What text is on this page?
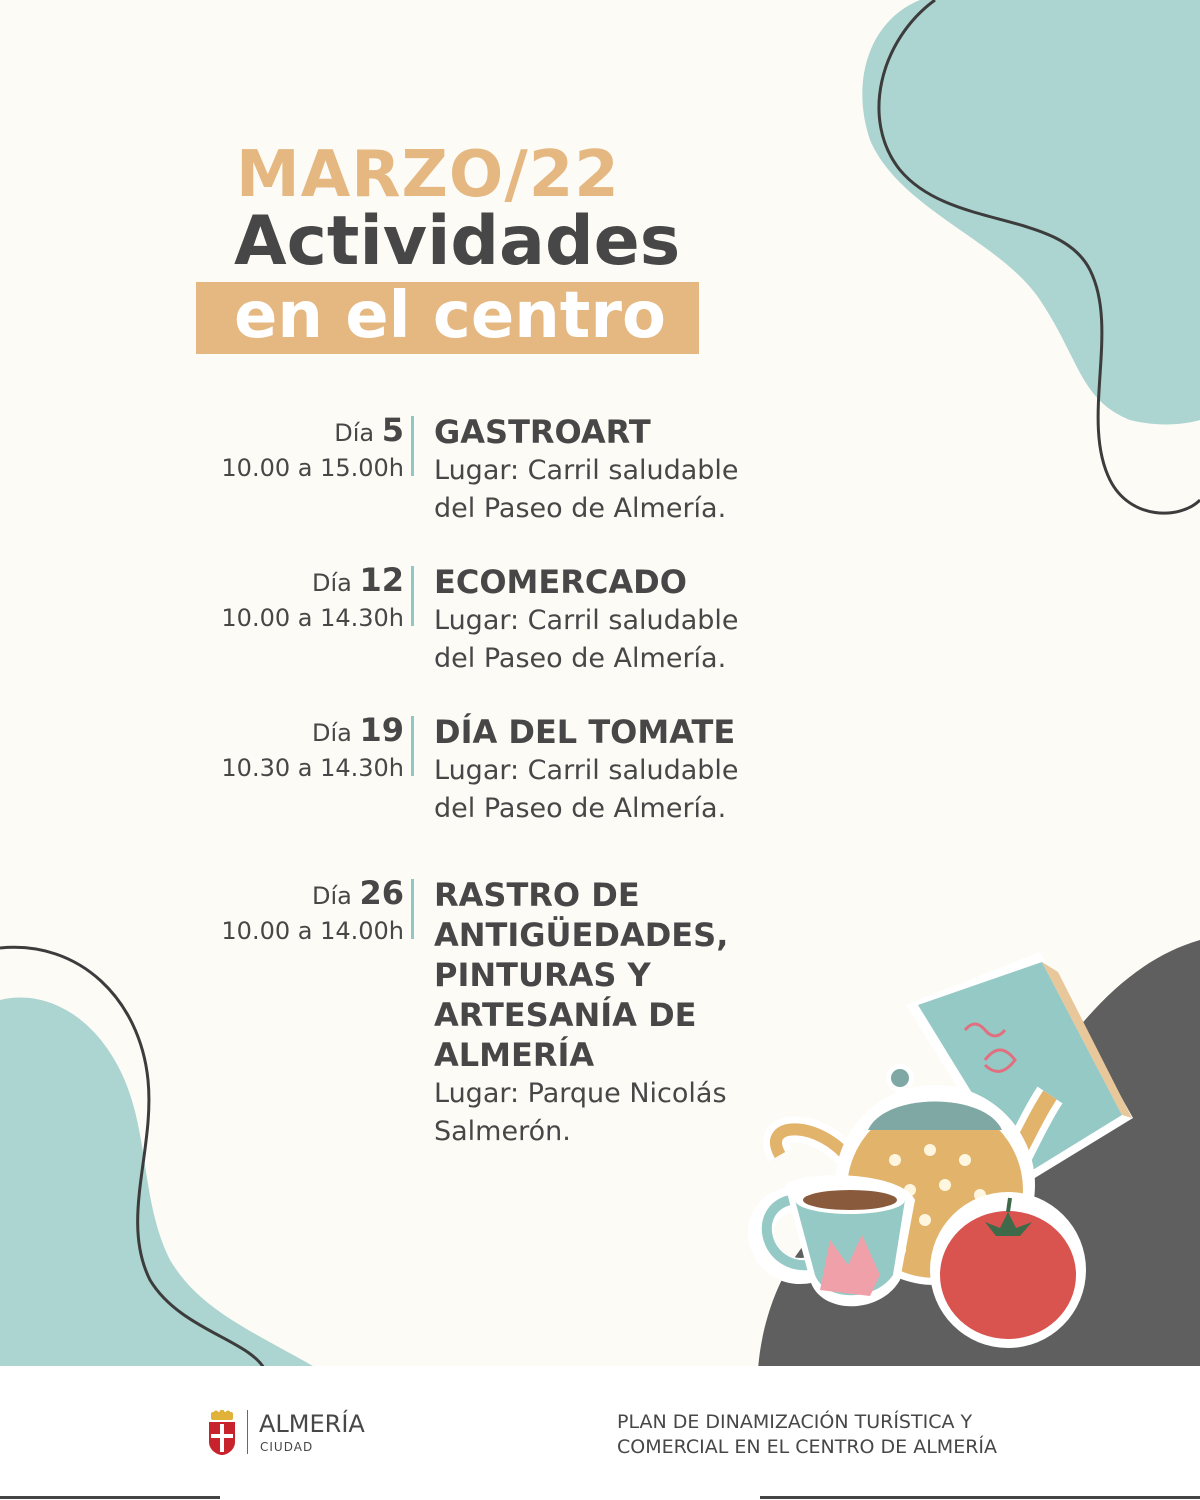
MARZO/22
Actividades
en el centro
Día 5
10.00 a 15.00h
GASTROART
Lugar: Carril saludable
del Paseo de Almería.
Día 12
10.00 a 14.30h
ECOMERCADO
Lugar: Carril saludable
del Paseo de Almería.
Día 19
10.30 a 14.30h
DÍA DEL TOMATE
Lugar: Carril saludable
del Paseo de Almería.
Día 26
10.00 a 14.00h
RASTRO DE
ANTIGÜEDADES,
PINTURAS Y
ARTESANÍA DE
ALMERÍA
Lugar: Parque Nicolás
Salmerón.
ALMERÍA
CIUDAD
PLAN DE DINAMIZACIÓN TURÍSTICA Y
COMERCIAL EN EL CENTRO DE ALMERÍA
